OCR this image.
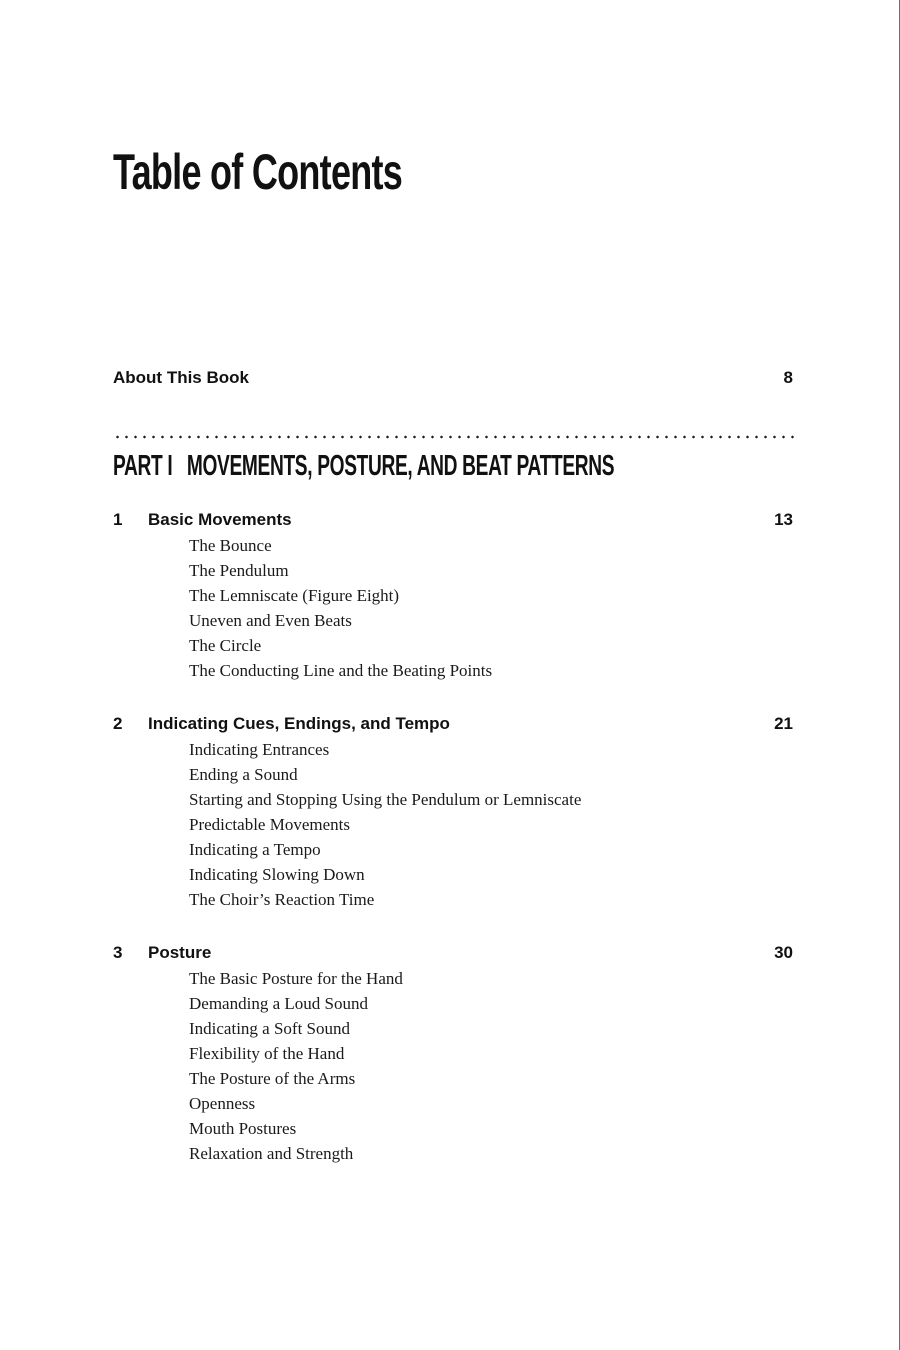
Table of Contents
About This Book	8
PART I MOVEMENTS, POSTURE, AND BEAT PATTERNS
1 Basic Movements	13
The Bounce
The Pendulum
The Lemniscate (Figure Eight)
Uneven and Even Beats
The Circle
The Conducting Line and the Beating Points
2 Indicating Cues, Endings, and Tempo	21
Indicating Entrances
Ending a Sound
Starting and Stopping Using the Pendulum or Lemniscate
Predictable Movements
Indicating a Tempo
Indicating Slowing Down
The Choir’s Reaction Time
3 Posture	30
The Basic Posture for the Hand
Demanding a Loud Sound
Indicating a Soft Sound
Flexibility of the Hand
The Posture of the Arms
Openness
Mouth Postures
Relaxation and Strength
